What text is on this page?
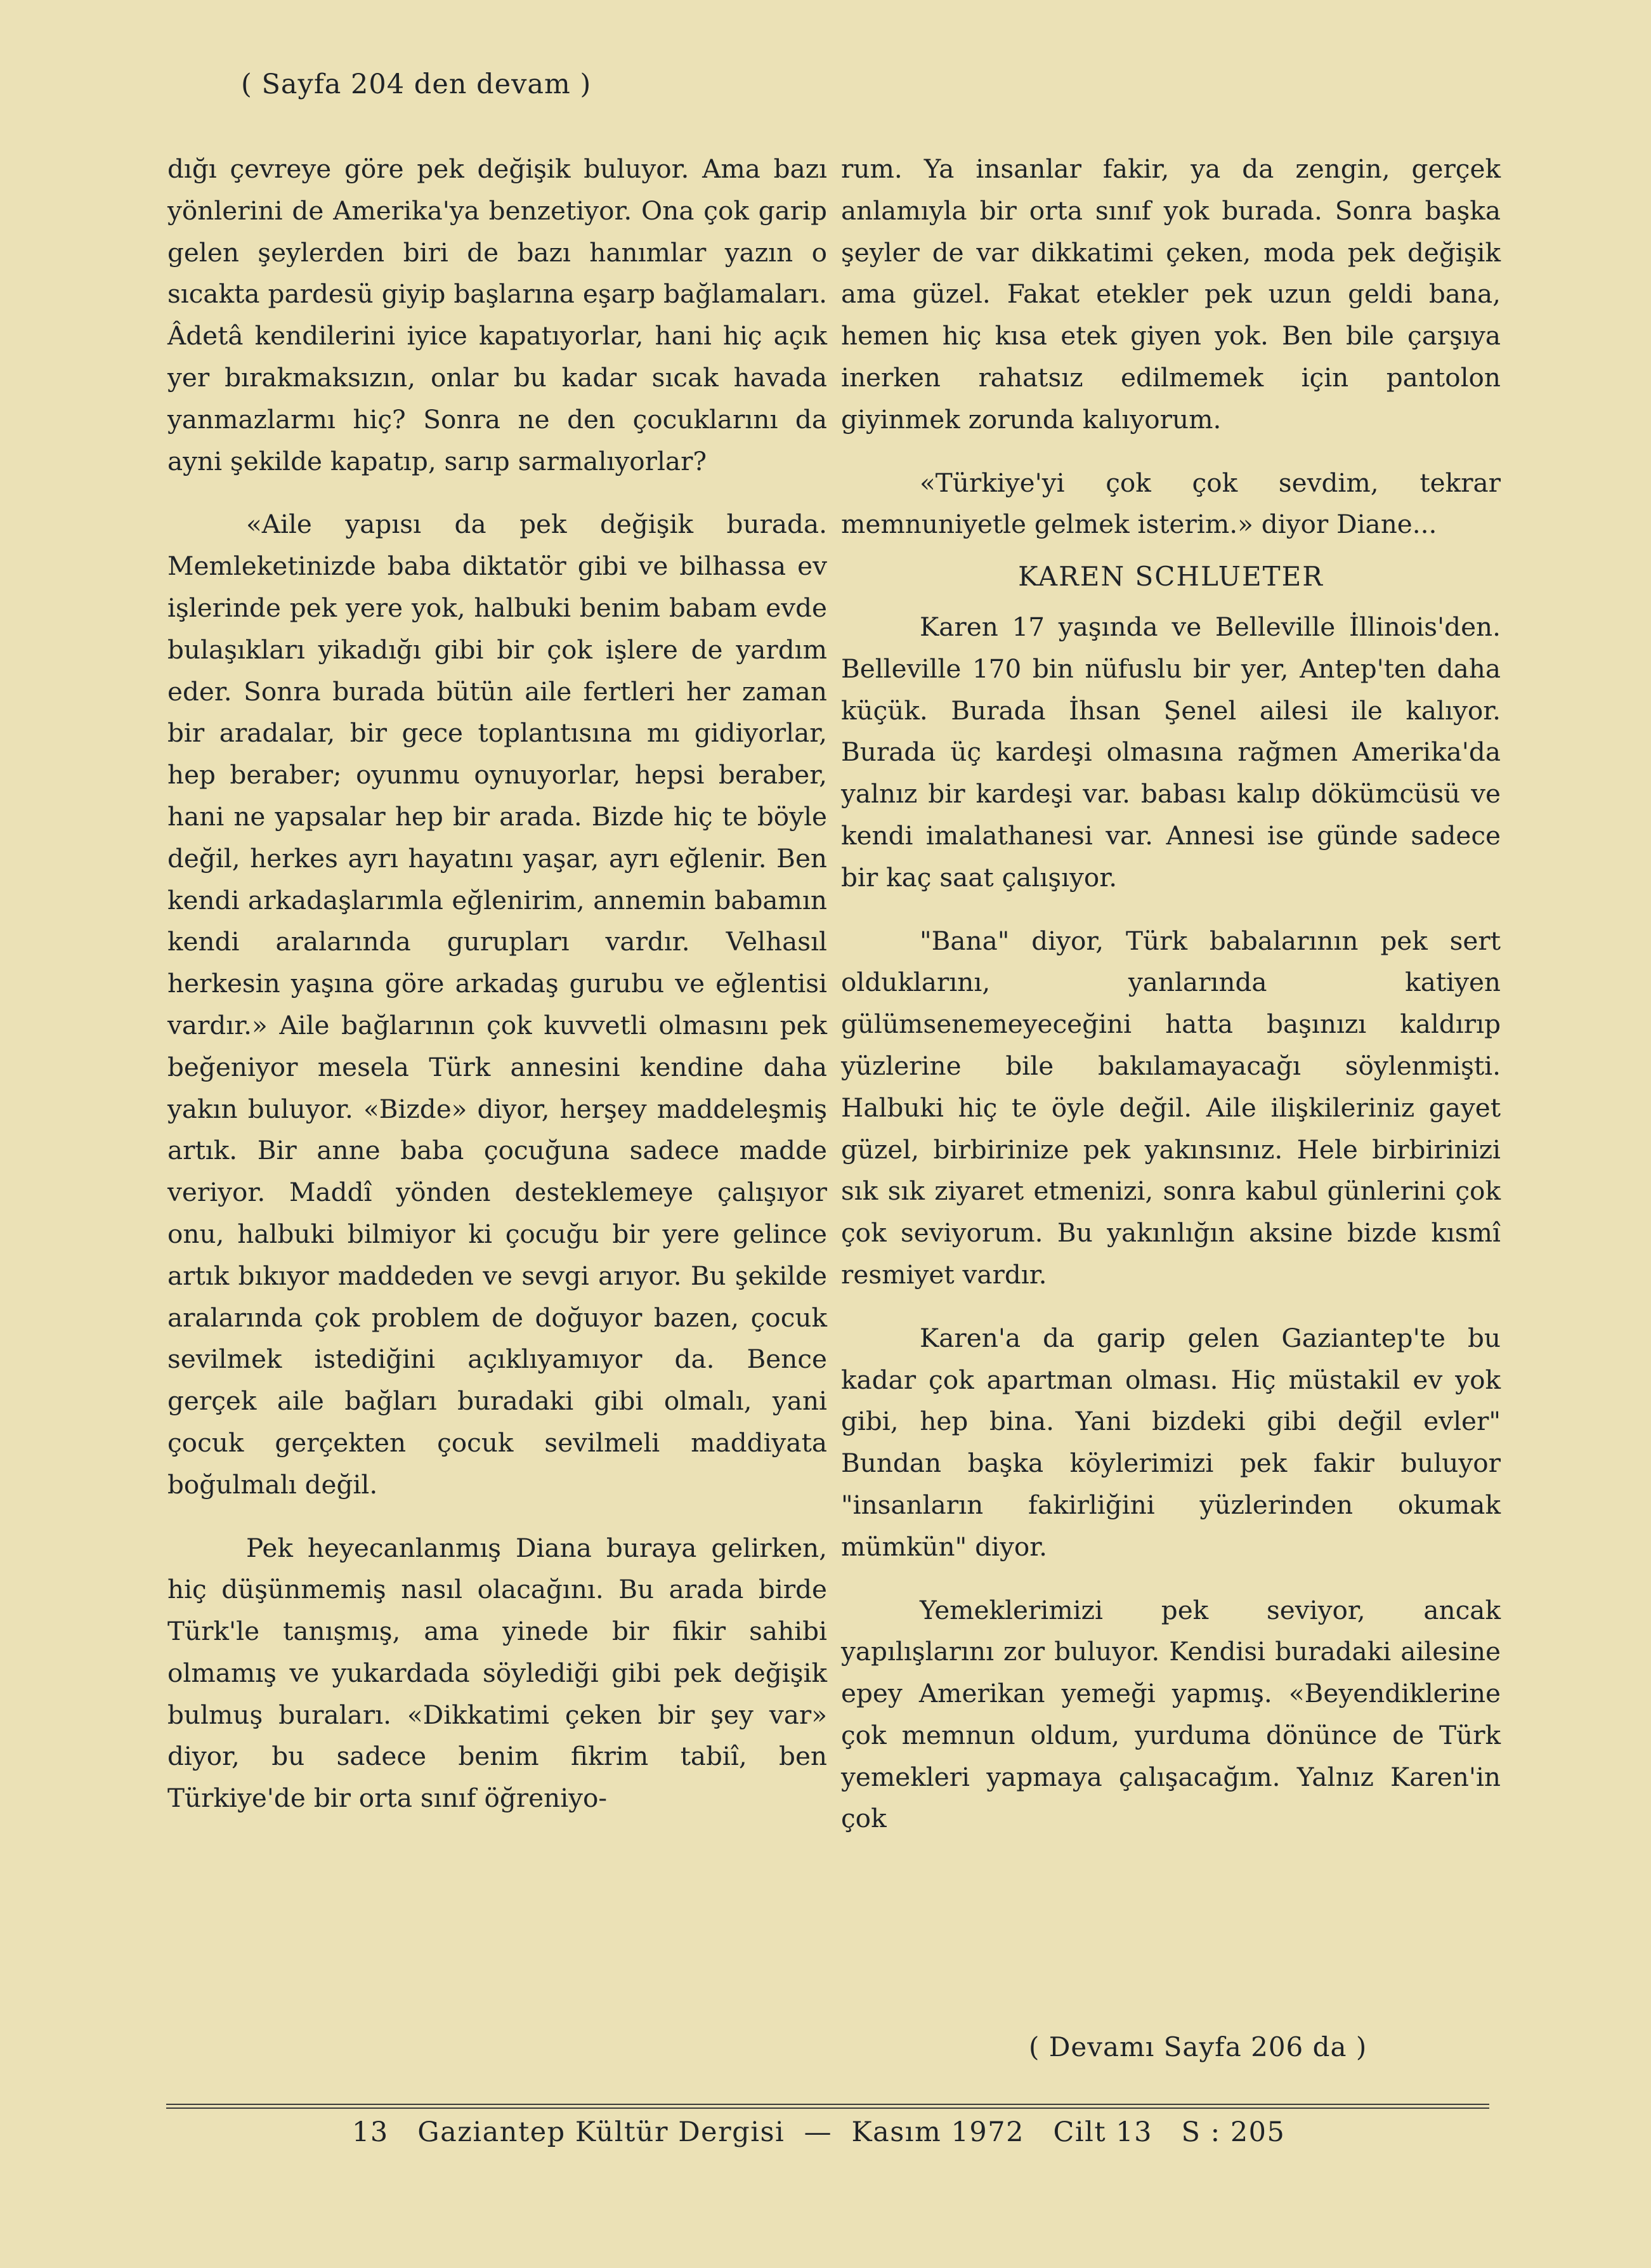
( Sayfa 204 den devam )

dığı çevreye göre pek değişik buluyor. Ama bazı yönlerini de Amerika'ya benzetiyor. Ona çok garip gelen şeylerden biri de bazı hanımlar yazın o sıcakta pardesü giyip başlarına eşarp bağlamaları. Âdetâ kendilerini iyice kapatıyorlar, hani hiç açık yer bırakmaksızın, onlar bu kadar sıcak havada yanmazlarmı hiç? Sonra ne den çocuklarını da ayni şekilde kapatıp, sarıp sarmalıyorlar?

«Aile yapısı da pek değişik burada. Memleketinizde baba diktatör gibi ve bilhassa ev işlerinde pek yere yok, halbuki benim babam evde bulaşıkları yikadığı gibi bir çok işlere de yardım eder. Sonra burada bütün aile fertleri her zaman bir aradalar, bir gece toplantısına mı gidiyorlar, hep beraber; oyunmu oynuyorlar, hepsi beraber, hani ne yapsalar hep bir arada. Bizde hiç te böyle değil, herkes ayrı hayatını yaşar, ayrı eğlenir. Ben kendi arkadaşlarımla eğlenirim, annemin babamın kendi aralarında gurupları vardır. Velhasıl herkesin yaşına göre arkadaş gurubu ve eğlentisi vardır.» Aile bağlarının çok kuvvetli olmasını pek beğeniyor mesela Türk annesini kendine daha yakın buluyor. «Bizde» diyor, herşey maddeleşmiş artık. Bir anne baba çocuğuna sadece madde veriyor. Maddî yönden desteklemeye çalışıyor onu, halbuki bilmiyor ki çocuğu bir yere gelince artık bıkıyor maddeden ve sevgi arıyor. Bu şekilde aralarında çok problem de doğuyor bazen, çocuk sevilmek istediğini açıklıyamıyor da. Bence gerçek aile bağları buradaki gibi olmalı, yani çocuk gerçekten çocuk sevilmeli maddiyata boğulmalı değil.

Pek heyecanlanmış Diana buraya gelirken, hiç düşünmemiş nasıl olacağını. Bu arada birde Türk'le tanışmış, ama yinede bir fikir sahibi olmamış ve yukardada söylediği gibi pek değişik bulmuş buraları. «Dikkatimi çeken bir şey var» diyor, bu sadece benim fikrim tabiî, ben Türkiye'de bir orta sınıf öğreniyo-

rum. Ya insanlar fakir, ya da zengin, gerçek anlamıyla bir orta sınıf yok burada. Sonra başka şeyler de var dikkatimi çeken, moda pek değişik ama güzel. Fakat etekler pek uzun geldi bana, hemen hiç kısa etek giyen yok. Ben bile çarşıya inerken rahatsız edilmemek için pantolon giyinmek zorunda kalıyorum.

«Türkiye'yi çok çok sevdim, tekrar memnuniyetle gelmek isterim.» diyor Diane...

KAREN SCHLUETER

Karen 17 yaşında ve Belleville İllinois'den. Belleville 170 bin nüfuslu bir yer, Antep'ten daha küçük. Burada İhsan Şenel ailesi ile kalıyor. Burada üç kardeşi olmasına rağmen Amerika'da yalnız bir kardeşi var. babası kalıp dökümcüsü ve kendi imalathanesi var. Annesi ise günde sadece bir kaç saat çalışıyor.

"Bana" diyor, Türk babalarının pek sert olduklarını, yanlarında katiyen gülümsenemeyeceğini hatta başınızı kaldırıp yüzlerine bile bakılamayacağı söylenmişti. Halbuki hiç te öyle değil. Aile ilişkileriniz gayet güzel, birbirinize pek yakınsınız. Hele birbirinizi sık sık ziyaret etmenizi, sonra kabul günlerini çok çok seviyorum. Bu yakınlığın aksine bizde kısmî resmiyet vardır.

Karen'a da garip gelen Gaziantep'te bu kadar çok apartman olması. Hiç müstakil ev yok gibi, hep bina. Yani bizdeki gibi değil evler" Bundan başka köylerimizi pek fakir buluyor "insanların fakirliğini yüzlerinden okumak mümkün" diyor.

Yemeklerimizi pek seviyor, ancak yapılışlarını zor buluyor. Kendisi buradaki ailesine epey Amerikan yemeği yapmış. «Beyendiklerine çok memnun oldum, yurduma dönünce de Türk yemekleri yapmaya çalışacağım. Yalnız Karen'in çok

( Devamı Sayfa 206 da )
13 Gaziantep Kültür Dergisi — Kasım 1972 Cilt 13 S : 205
